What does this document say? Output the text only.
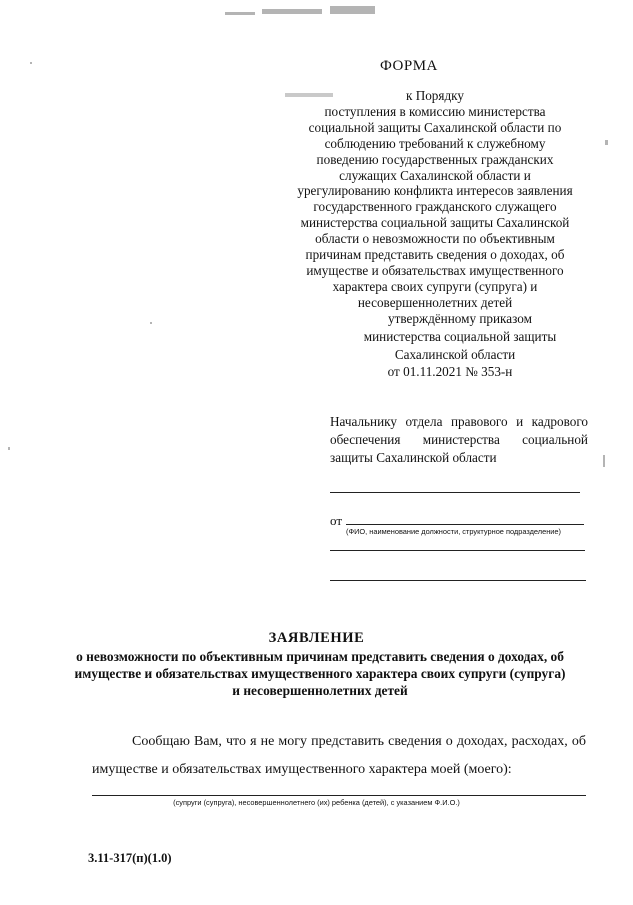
ФОРМА
к Порядку
поступления в комиссию министерства
социальной защиты Сахалинской области по
соблюдению требований к служебному
поведению государственных гражданских
служащих Сахалинской области и
урегулированию конфликта интересов заявления
государственного гражданского служащего
министерства социальной защиты Сахалинской
области о невозможности по объективным
причинам представить сведения о доходах, об
имуществе и обязательствах имущественного
характера своих супруги (супруга) и
несовершеннолетних детей
утверждённому приказом
министерства социальной защиты
Сахалинской области
от 01.11.2021 № 353-н
Начальнику отдела правового и кадрового обеспечения министерства социальной защиты Сахалинской области
от
(ФИО, наименование должности, структурное подразделение)
ЗАЯВЛЕНИЕ
о невозможности по объективным причинам представить сведения о доходах, об имуществе и обязательствах имущественного характера своих супруги (супруга) и несовершеннолетних детей
Сообщаю Вам, что я не могу представить сведения о доходах, расходах, об имуществе и обязательствах имущественного характера моей (моего):
(супруги (супруга), несовершеннолетнего (их) ребенка (детей), с указанием Ф.И.О.)
3.11-317(п)(1.0)
